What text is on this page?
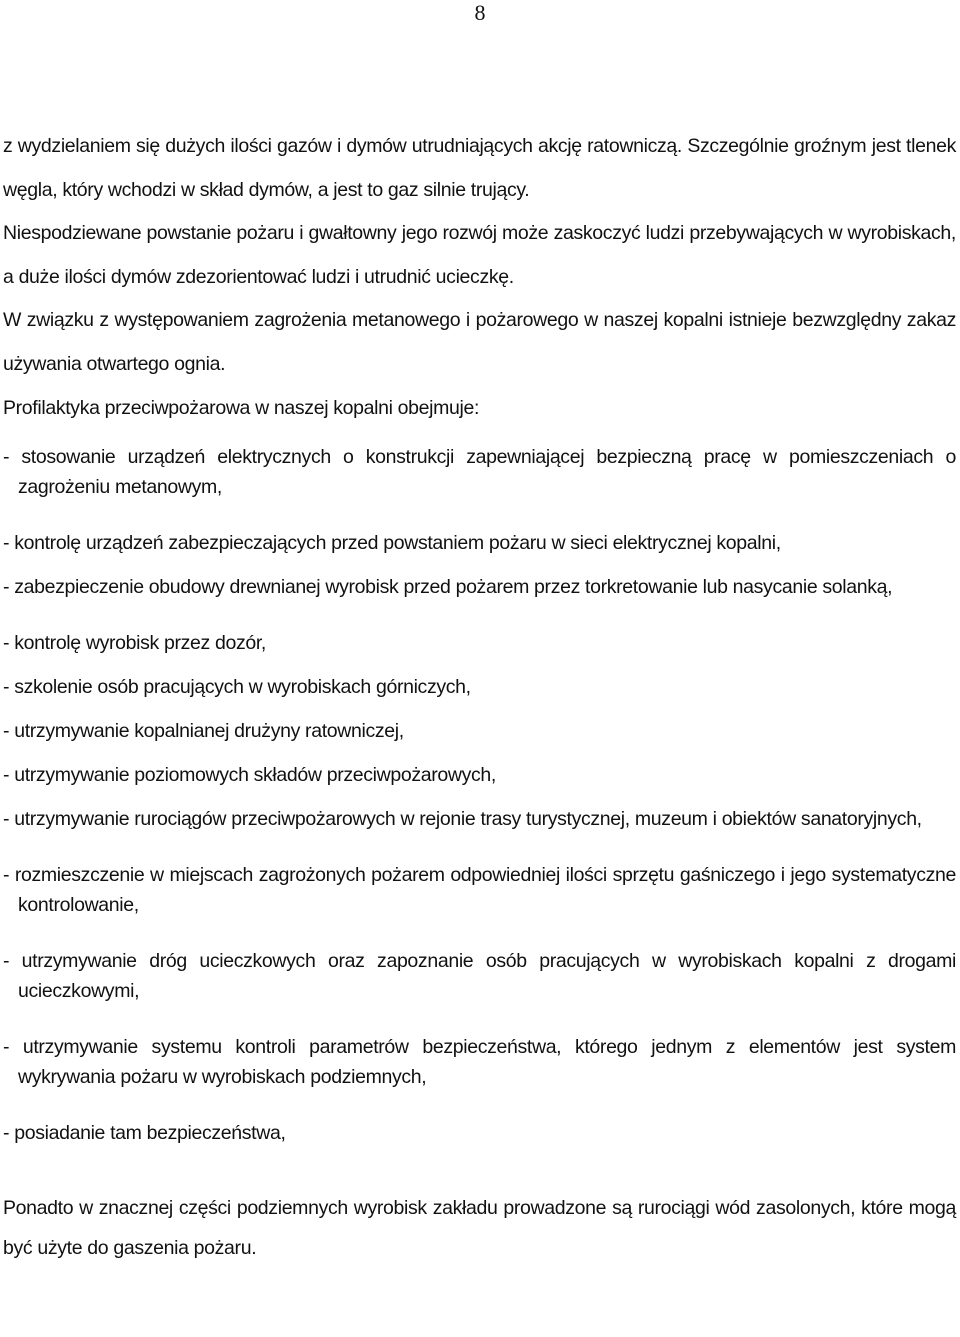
8

z wydzielaniem się dużych ilości gazów i dymów utrudniających akcję ratowniczą. Szczególnie groźnym jest tlenek węgla, który wchodzi w skład dymów, a jest to gaz silnie trujący.

Niespodziewane powstanie pożaru i gwałtowny jego rozwój może zaskoczyć ludzi przebywających w wyrobiskach, a duże ilości dymów zdezorientować ludzi i utrudnić ucieczkę.

W związku z występowaniem zagrożenia metanowego i pożarowego w naszej kopalni istnieje bezwzględny zakaz używania otwartego ognia.

Profilaktyka przeciwpożarowa w naszej kopalni obejmuje:

- stosowanie urządzeń elektrycznych o konstrukcji zapewniającej bezpieczną pracę w pomieszczeniach o zagrożeniu metanowym,

- kontrolę urządzeń zabezpieczających przed powstaniem pożaru w sieci elektrycznej kopalni,

- zabezpieczenie obudowy drewnianej wyrobisk przed pożarem przez torkretowanie lub nasycanie solanką,

- kontrolę wyrobisk przez dozór,

- szkolenie osób pracujących w wyrobiskach górniczych,

- utrzymywanie kopalnianej drużyny ratowniczej,

- utrzymywanie poziomowych składów przeciwpożarowych,

- utrzymywanie rurociągów przeciwpożarowych w rejonie trasy turystycznej, muzeum i obiektów sanatoryjnych,

- rozmieszczenie w miejscach zagrożonych pożarem odpowiedniej ilości sprzętu gaśniczego i jego systematyczne kontrolowanie,

- utrzymywanie dróg ucieczkowych oraz zapoznanie osób pracujących w wyrobiskach kopalni z drogami ucieczkowymi,

- utrzymywanie systemu kontroli parametrów bezpieczeństwa, którego jednym z elementów jest system wykrywania pożaru w wyrobiskach podziemnych,

- posiadanie tam bezpieczeństwa,

Ponadto w znacznej części podziemnych wyrobisk zakładu prowadzone są rurociągi wód zasolonych, które mogą być użyte do gaszenia pożaru.
